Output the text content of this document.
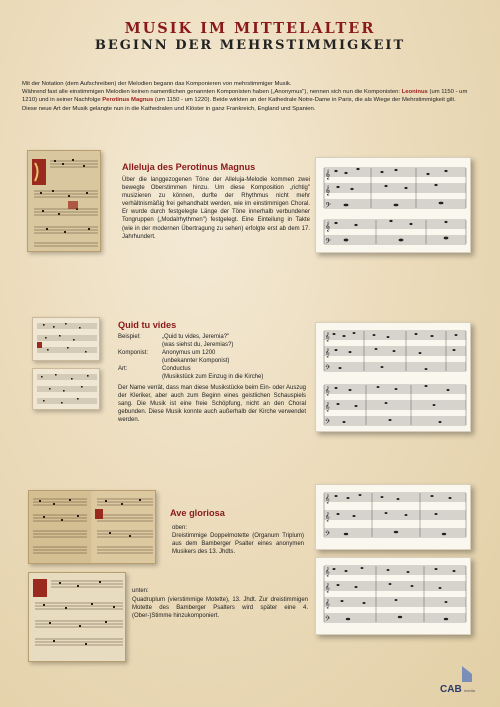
MUSIK IM MITTELALTER
BEGINN DER MEHRSTIMMIGKEIT
Mit der Notation (dem Aufschreiben) der Melodien begann das Komponieren von mehrstimmiger Musik.
Während fast alle einstimmigen Melodien keinen namentlichen genannten Komponisten haben („Anonymus"), nennen sich nun die Komponisten: Leoninus (um 1150 - um 1210) und in seiner Nachfolge Perotinus Magnus (um 1150 - um 1220). Beide wirkten an der Kathedrale Notre-Dame in Paris, die als Wiege der Mehrstimmigkeit gilt.
Diese neue Art der Musik gelangte nun in die Kathedralen und Klöster in ganz Frankreich, England und Spanien.
Alleluja des Perotinus Magnus
Über die langgezogenen Töne der Alleluja-Melodie kommen zwei bewegte Oberstimmen hinzu. Um diese Komposition „richtig" musizieren zu können, durfte der Rhythmus nicht mehr verhältnismäßig frei gehandhabt werden, wie im einstimmigen Choral. Er wurde durch festgelegte Länge der Töne innerhalb verbundener Tongruppen („Modalrhythmen") festgelegt. Eine Einteilung in Takte (wie in der modernen Übertragung zu sehen) erfolgte erst ab dem 17. Jahrhundert.
𝄞
𝄞
𝄢
𝄞
𝄢
Quid tu vides
Beispiel:	„Quid tu vides, Jeremia?"
(was siehst du, Jeremias?)
Komponist: Anonymus um 1200
(unbekannter Komponist)
Art:	Conductus
(Musikstück zum Einzug in die Kirche)
Der Name verrät, dass man diese Musikstücke beim Ein- oder Auszug der Kleriker, aber auch zum Beginn eines geistlichen Schauspiels sang. Die Musik ist eine freie Schöpfung, nicht an den Choral gebunden. Diese Musik konnte auch außerhalb der Kirche verwendet werden.
𝄞
𝄞
𝄢
𝄞
𝄞
𝄢
Ave gloriosa
oben:
Dreistimmige Doppelmotette (Organum Triplum) aus dem Bamberger Psalter eines anonymen Musikers des 13. Jhdts.
unten:
Quadruplum (vierstimmige Motette), 13. Jhdt. Zur dreistimmigen Motette des Bamberger Psalters wird später eine 4. (Ober-)Stimme hinzukomponiert.
𝄞
𝄞
𝄢
𝄞
𝄞
𝄞
𝄢
CAB media
